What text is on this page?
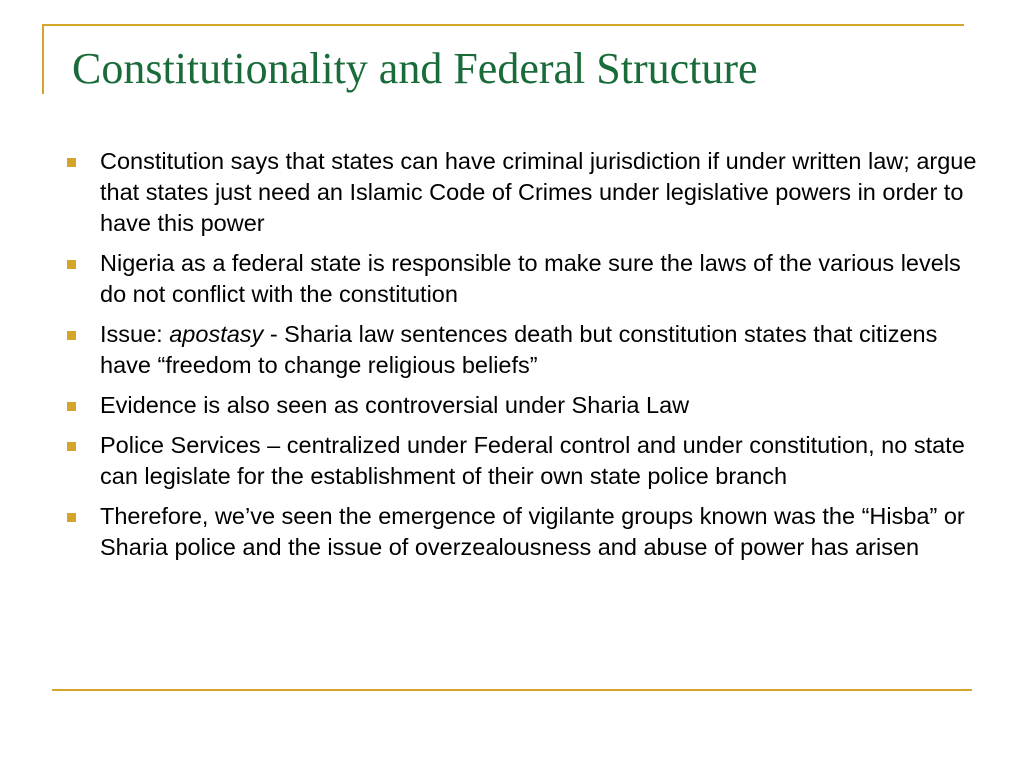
Constitutionality and Federal Structure
Constitution says that states can have criminal jurisdiction if under written law; argue that states just need an Islamic Code of Crimes under legislative powers in order to have this power
Nigeria as a federal state is responsible to make sure the laws of the various levels do not conflict with the constitution
Issue: apostasy - Sharia law sentences death but constitution states that citizens have “freedom to change religious beliefs”
Evidence is also seen as controversial under Sharia Law
Police Services – centralized under Federal control and under constitution, no state can legislate for the establishment of their own state police branch
Therefore, we’ve seen the emergence of vigilante groups known was the “Hisba” or Sharia police and the issue of overzealousness and abuse of power has arisen
